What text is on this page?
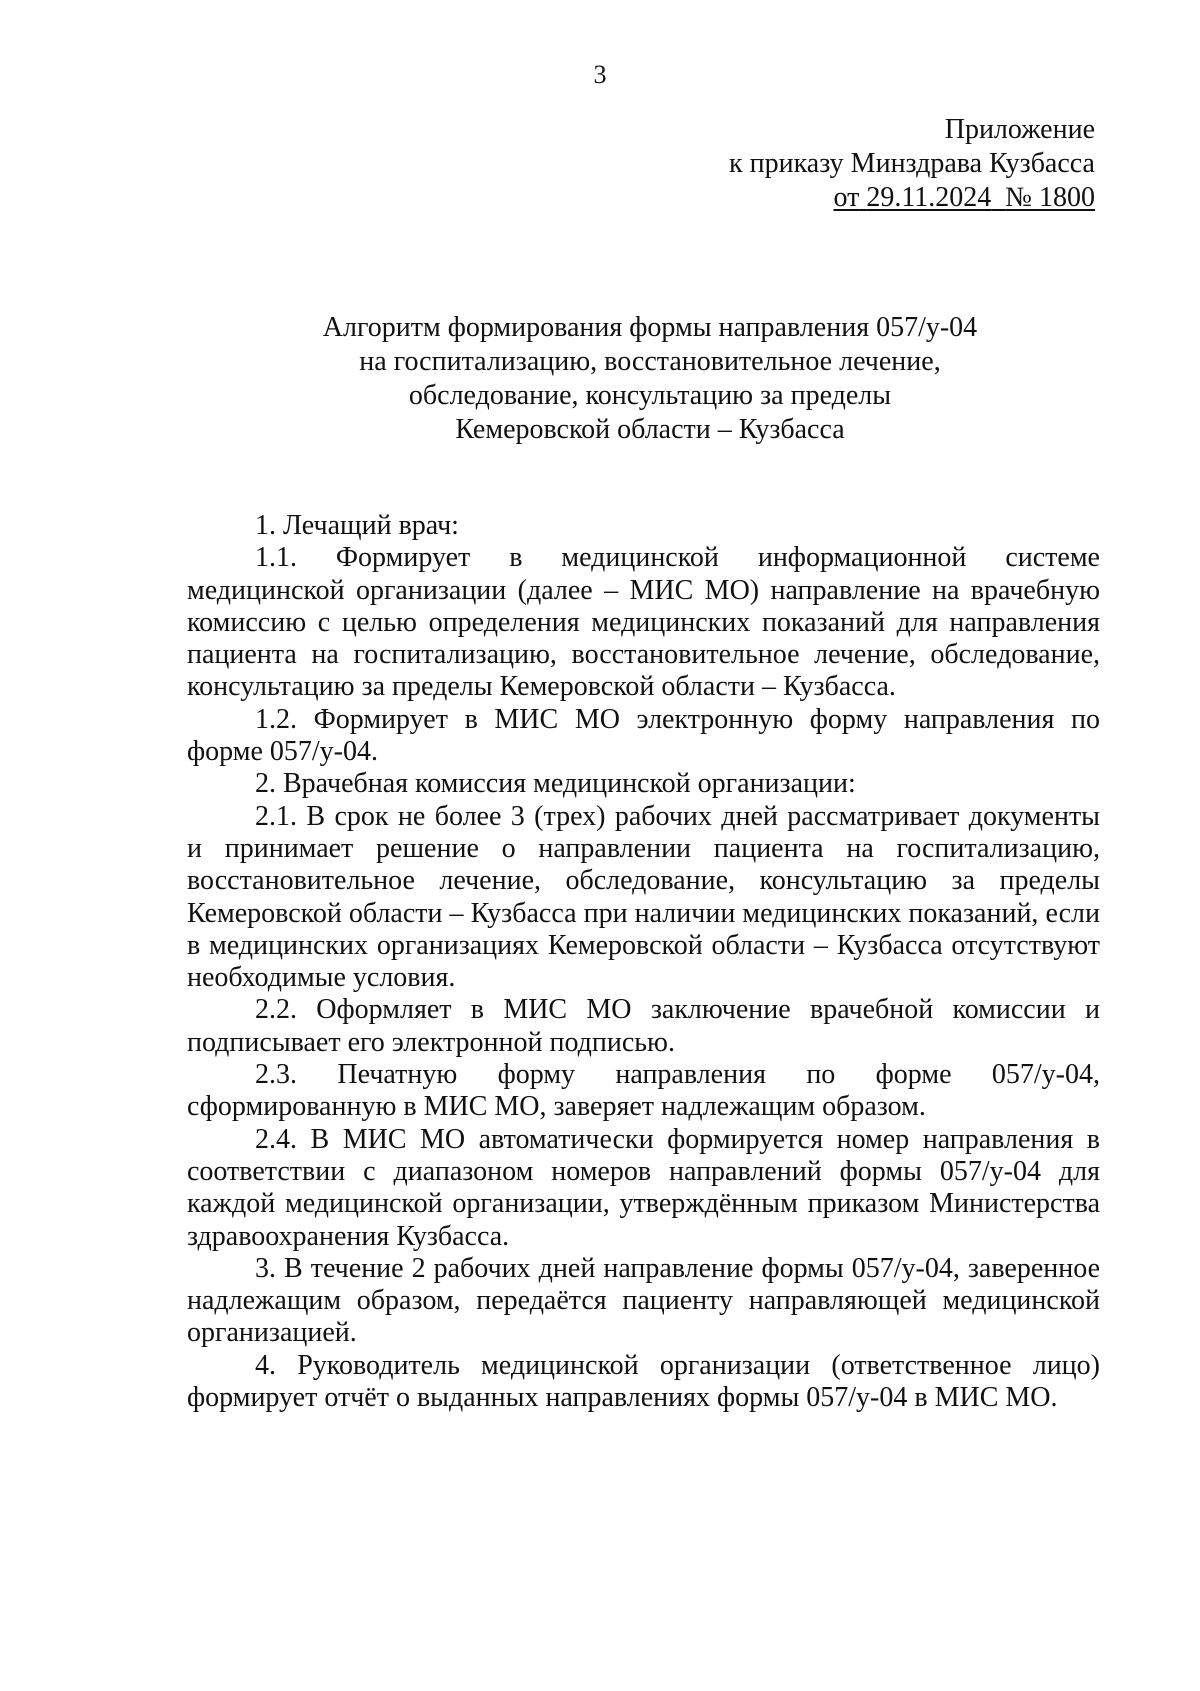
3
Приложение
к приказу Минздрава Кузбасса
от 29.11.2024 № 1800
Алгоритм формирования формы направления 057/у-04
на госпитализацию, восстановительное лечение,
обследование, консультацию за пределы
Кемеровской области – Кузбасса
1. Лечащий врач:
1.1. Формирует в медицинской информационной системе
медицинской организации (далее – МИС МО) направление на врачебную
комиссию с целью определения медицинских показаний для направления
пациента на госпитализацию, восстановительное лечение, обследование,
консультацию за пределы Кемеровской области – Кузбасса.
1.2. Формирует в МИС МО электронную форму направления по
форме 057/у-04.
2. Врачебная комиссия медицинской организации:
2.1. В срок не более 3 (трех) рабочих дней рассматривает документы
и принимает решение о направлении пациента на госпитализацию,
восстановительное лечение, обследование, консультацию за пределы
Кемеровской области – Кузбасса при наличии медицинских показаний, если
в медицинских организациях Кемеровской области – Кузбасса отсутствуют
необходимые условия.
2.2. Оформляет в МИС МО заключение врачебной комиссии и
подписывает его электронной подписью.
2.3. Печатную форму направления по форме 057/у-04,
сформированную в МИС МО, заверяет надлежащим образом.
2.4. В МИС МО автоматически формируется номер направления в
соответствии с диапазоном номеров направлений формы 057/у-04 для
каждой медицинской организации, утверждённым приказом Министерства
здравоохранения Кузбасса.
3. В течение 2 рабочих дней направление формы 057/у-04, заверенное
надлежащим образом, передаётся пациенту направляющей медицинской
организацией.
4. Руководитель медицинской организации (ответственное лицо)
формирует отчёт о выданных направлениях формы 057/у-04 в МИС МО.
